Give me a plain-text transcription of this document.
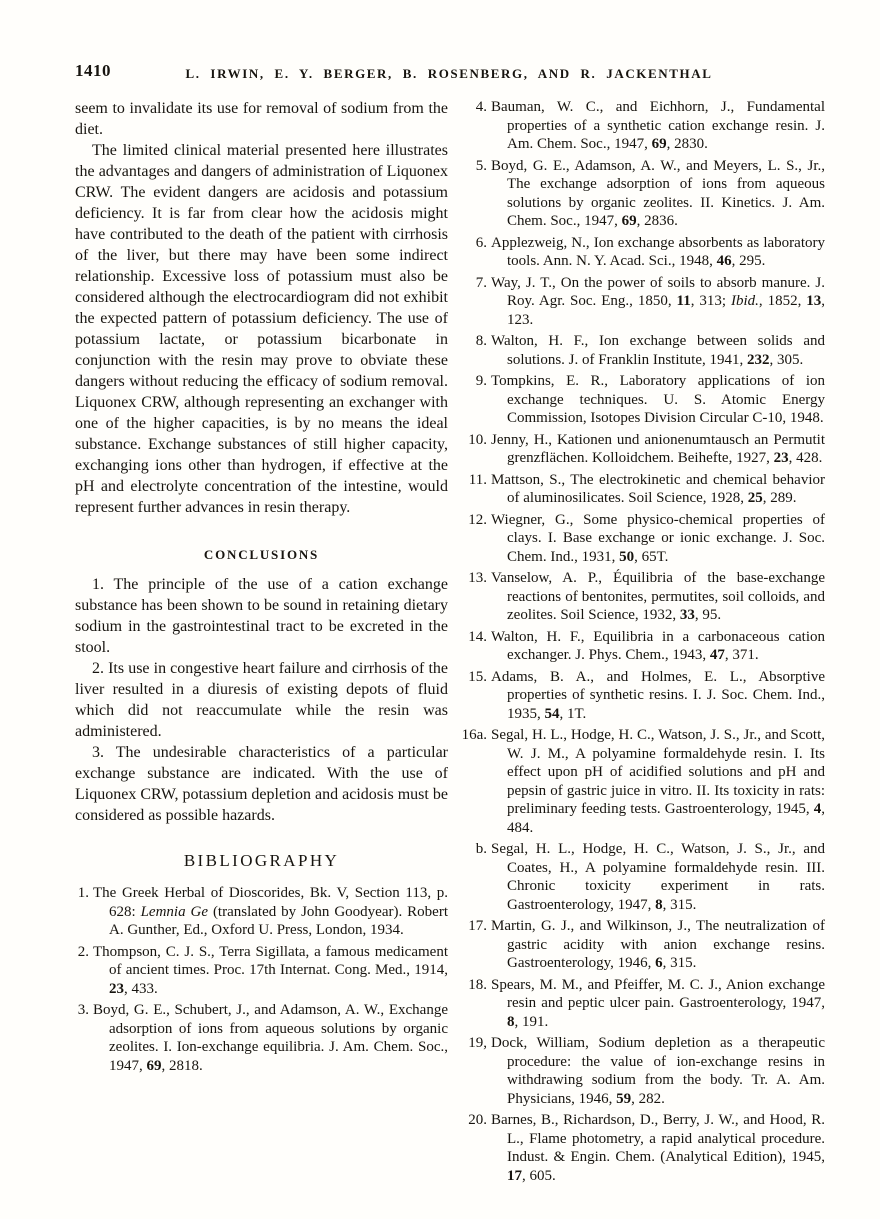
1410	L. IRWIN, E. Y. BERGER, B. ROSENBERG, AND R. JACKENTHAL

seem to invalidate its use for removal of sodium from the diet.

The limited clinical material presented here illustrates the advantages and dangers of administration of Liquonex CRW. The evident dangers are acidosis and potassium deficiency. It is far from clear how the acidosis might have contributed to the death of the patient with cirrhosis of the liver, but there may have been some indirect relationship. Excessive loss of potassium must also be considered although the electrocardiogram did not exhibit the expected pattern of potassium deficiency. The use of potassium lactate, or potassium bicarbonate in conjunction with the resin may prove to obviate these dangers without reducing the efficacy of sodium removal. Liquonex CRW, although representing an exchanger with one of the higher capacities, is by no means the ideal substance. Exchange substances of still higher capacity, exchanging ions other than hydrogen, if effective at the pH and electrolyte concentration of the intestine, would represent further advances in resin therapy.

CONCLUSIONS

1. The principle of the use of a cation exchange substance has been shown to be sound in retaining dietary sodium in the gastrointestinal tract to be excreted in the stool.

2. Its use in congestive heart failure and cirrhosis of the liver resulted in a diuresis of existing depots of fluid which did not reaccumulate while the resin was administered.

3. The undesirable characteristics of a particular exchange substance are indicated. With the use of Liquonex CRW, potassium depletion and acidosis must be considered as possible hazards.

BIBLIOGRAPHY
1. The Greek Herbal of Dioscorides, Bk. V, Section 113, p. 628: Lemnia Ge (translated by John Goodyear). Robert A. Gunther, Ed., Oxford U. Press, London, 1934.
2. Thompson, C. J. S., Terra Sigillata, a famous medicament of ancient times. Proc. 17th Internat. Cong. Med., 1914, 23, 433.
3. Boyd, G. E., Schubert, J., and Adamson, A. W., Exchange adsorption of ions from aqueous solutions by organic zeolites. I. Ion-exchange equilibria. J. Am. Chem. Soc., 1947, 69, 2818.
4. Bauman, W. C., and Eichhorn, J., Fundamental properties of a synthetic cation exchange resin. J. Am. Chem. Soc., 1947, 69, 2830.
5. Boyd, G. E., Adamson, A. W., and Meyers, L. S., Jr., The exchange adsorption of ions from aqueous solutions by organic zeolites. II. Kinetics. J. Am. Chem. Soc., 1947, 69, 2836.
6. Applezweig, N., Ion exchange absorbents as laboratory tools. Ann. N. Y. Acad. Sci., 1948, 46, 295.
7. Way, J. T., On the power of soils to absorb manure. J. Roy. Agr. Soc. Eng., 1850, 11, 313; Ibid., 1852, 13, 123.
8. Walton, H. F., Ion exchange between solids and solutions. J. of Franklin Institute, 1941, 232, 305.
9. Tompkins, E. R., Laboratory applications of ion exchange techniques. U. S. Atomic Energy Commission, Isotopes Division Circular C-10, 1948.
10. Jenny, H., Kationen und anionenumtausch an Permutit grenzflächen. Kolloidchem. Beihefte, 1927, 23, 428.
11. Mattson, S., The electrokinetic and chemical behavior of aluminosilicates. Soil Science, 1928, 25, 289.
12. Wiegner, G., Some physico-chemical properties of clays. I. Base exchange or ionic exchange. J. Soc. Chem. Ind., 1931, 50, 65T.
13. Vanselow, A. P., Équilibria of the base-exchange reactions of bentonites, permutites, soil colloids, and zeolites. Soil Science, 1932, 33, 95.
14. Walton, H. F., Equilibria in a carbonaceous cation exchanger. J. Phys. Chem., 1943, 47, 371.
15. Adams, B. A., and Holmes, E. L., Absorptive properties of synthetic resins. I. J. Soc. Chem. Ind., 1935, 54, 1T.
16a. Segal, H. L., Hodge, H. C., Watson, J. S., Jr., and Scott, W. J. M., A polyamine formaldehyde resin. I. Its effect upon pH of acidified solutions and pH and pepsin of gastric juice in vitro. II. Its toxicity in rats: preliminary feeding tests. Gastroenterology, 1945, 4, 484.
b. Segal, H. L., Hodge, H. C., Watson, J. S., Jr., and Coates, H., A polyamine formaldehyde resin. III. Chronic toxicity experiment in rats. Gastroenterology, 1947, 8, 315.
17. Martin, G. J., and Wilkinson, J., The neutralization of gastric acidity with anion exchange resins. Gastroenterology, 1946, 6, 315.
18. Spears, M. M., and Pfeiffer, M. C. J., Anion exchange resin and peptic ulcer pain. Gastroenterology, 1947, 8, 191.
19, Dock, William, Sodium depletion as a therapeutic procedure: the value of ion-exchange resins in withdrawing sodium from the body. Tr. A. Am. Physicians, 1946, 59, 282.
20. Barnes, B., Richardson, D., Berry, J. W., and Hood, R. L., Flame photometry, a rapid analytical procedure. Indust. & Engin. Chem. (Analytical Edition), 1945, 17, 605.
